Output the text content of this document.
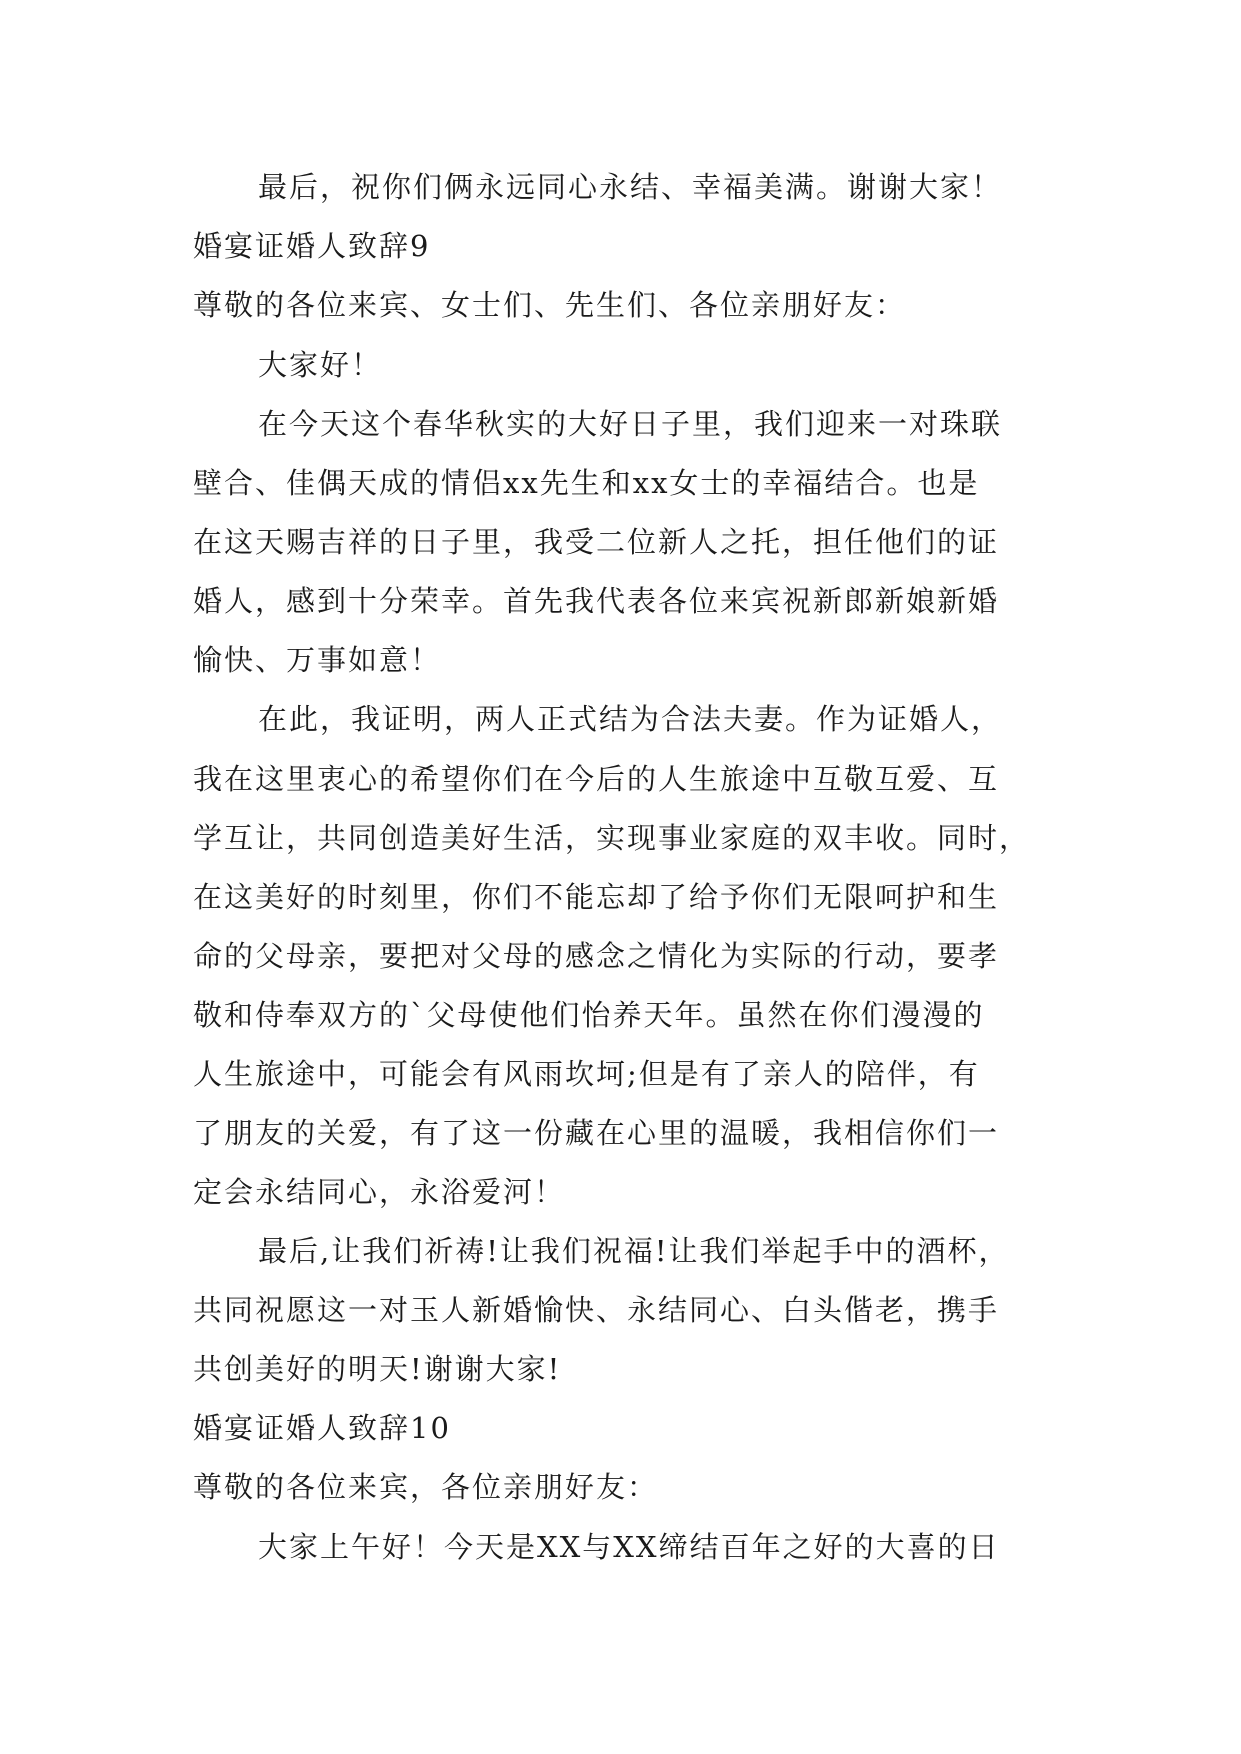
最后，祝你们俩永远同心永结、幸福美满。谢谢大家！
婚宴证婚人致辞9
尊敬的各位来宾、女士们、先生们、各位亲朋好友：
大家好！
在今天这个春华秋实的大好日子里，我们迎来一对珠联
壁合、佳偶天成的情侣xx先生和xx女士的幸福结合。也是
在这天赐吉祥的日子里，我受二位新人之托，担任他们的证
婚人，感到十分荣幸。首先我代表各位来宾祝新郎新娘新婚
愉快、万事如意！
在此，我证明，两人正式结为合法夫妻。作为证婚人，
我在这里衷心的希望你们在今后的人生旅途中互敬互爱、互
学互让，共同创造美好生活，实现事业家庭的双丰收。同时，
在这美好的时刻里，你们不能忘却了给予你们无限呵护和生
命的父母亲，要把对父母的感念之情化为实际的行动，要孝
敬和侍奉双方的`父母使他们怡养天年。虽然在你们漫漫的
人生旅途中，可能会有风雨坎坷;但是有了亲人的陪伴，有
了朋友的关爱，有了这一份藏在心里的温暖，我相信你们一
定会永结同心，永浴爱河！
最后,让我们祈祷!让我们祝福!让我们举起手中的酒杯，
共同祝愿这一对玉人新婚愉快、永结同心、白头偕老，携手
共创美好的明天!谢谢大家!
婚宴证婚人致辞10
尊敬的各位来宾，各位亲朋好友：
大家上午好！今天是XX与XX缔结百年之好的大喜的日
